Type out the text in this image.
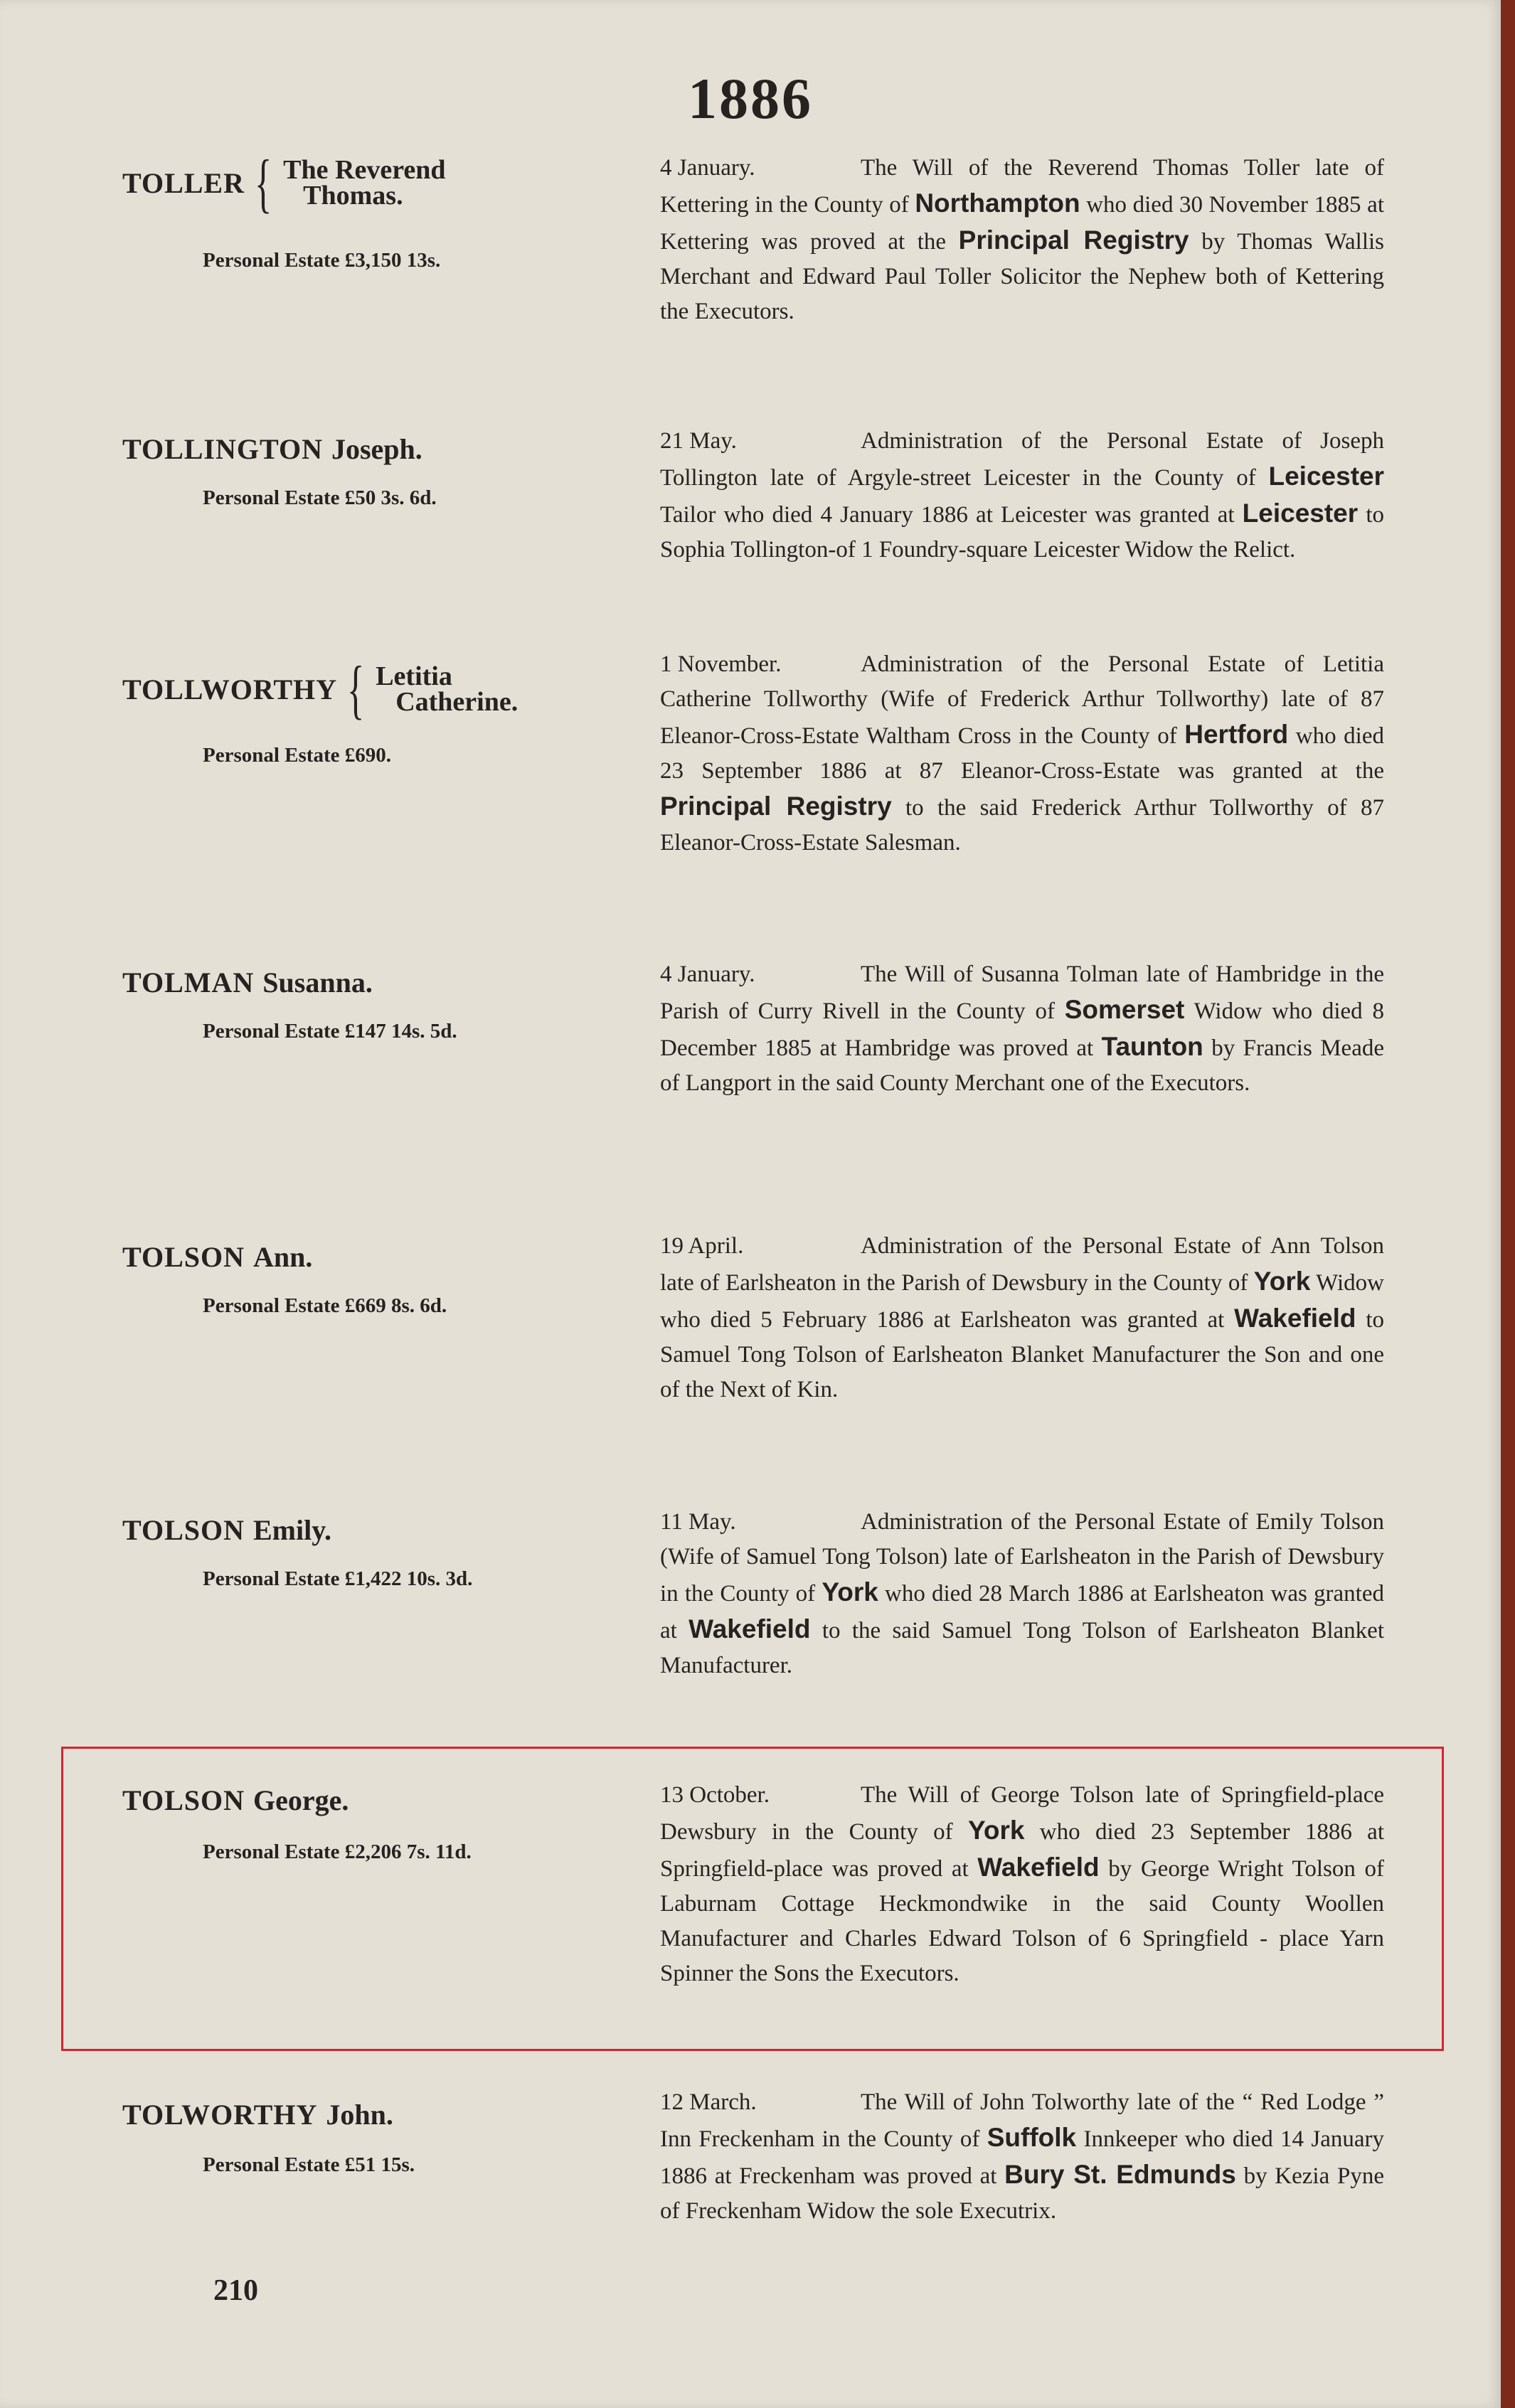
1886
TOLLER { The Reverend
Thomas.
Personal Estate £3,150 13s.
4 January.	The Will of the Reverend Thomas Toller late of Kettering in the County of Northampton who died 30 November 1885 at Kettering was proved at the Principal Registry by Thomas Wallis Merchant and Edward Paul Toller Solicitor the Nephew both of Kettering the Executors.
TOLLINGTON Joseph.
Personal Estate £50 3s. 6d.
21 May.	Administration of the Personal Estate of Joseph Tollington late of Argyle-street Leicester in the County of Leicester Tailor who died 4 January 1886 at Leicester was granted at Leicester to Sophia Tollington-of 1 Foundry-square Leicester Widow the Relict.
TOLLWORTHY { Letitia
Catherine.
Personal Estate £690.
1 November.	Administration of the Personal Estate of Letitia Catherine Tollworthy (Wife of Frederick Arthur Tollworthy) late of 87 Eleanor-Cross-Estate Waltham Cross in the County of Hertford who died 23 September 1886 at 87 Eleanor-Cross-Estate was granted at the Principal Registry to the said Frederick Arthur Tollworthy of 87 Eleanor-Cross-Estate Salesman.
TOLMAN Susanna.
Personal Estate £147 14s. 5d.
4 January.	The Will of Susanna Tolman late of Hambridge in the Parish of Curry Rivell in the County of Somerset Widow who died 8 December 1885 at Hambridge was proved at Taunton by Francis Meade of Langport in the said County Merchant one of the Executors.
TOLSON Ann.
Personal Estate £669 8s. 6d.
19 April.	Administration of the Personal Estate of Ann Tolson late of Earlsheaton in the Parish of Dewsbury in the County of York Widow who died 5 February 1886 at Earlsheaton was granted at Wakefield to Samuel Tong Tolson of Earlsheaton Blanket Manufacturer the Son and one of the Next of Kin.
TOLSON Emily.
Personal Estate £1,422 10s. 3d.
11 May.	Administration of the Personal Estate of Emily Tolson (Wife of Samuel Tong Tolson) late of Earlsheaton in the Parish of Dewsbury in the County of York who died 28 March 1886 at Earlsheaton was granted at Wakefield to the said Samuel Tong Tolson of Earlsheaton Blanket Manufacturer.
TOLSON George.
Personal Estate £2,206 7s. 11d.
13 October.	The Will of George Tolson late of Springfield-place Dewsbury in the County of York who died 23 September 1886 at Springfield-place was proved at Wakefield by George Wright Tolson of Laburnam Cottage Heckmondwike in the said County Woollen Manufacturer and Charles Edward Tolson of 6 Springfield - place Yarn Spinner the Sons the Executors.
TOLWORTHY John.
Personal Estate £51 15s.
12 March.	The Will of John Tolworthy late of the “ Red Lodge ” Inn Freckenham in the County of Suffolk Innkeeper who died 14 January 1886 at Freckenham was proved at Bury St. Edmunds by Kezia Pyne of Freckenham Widow the sole Executrix.
210
